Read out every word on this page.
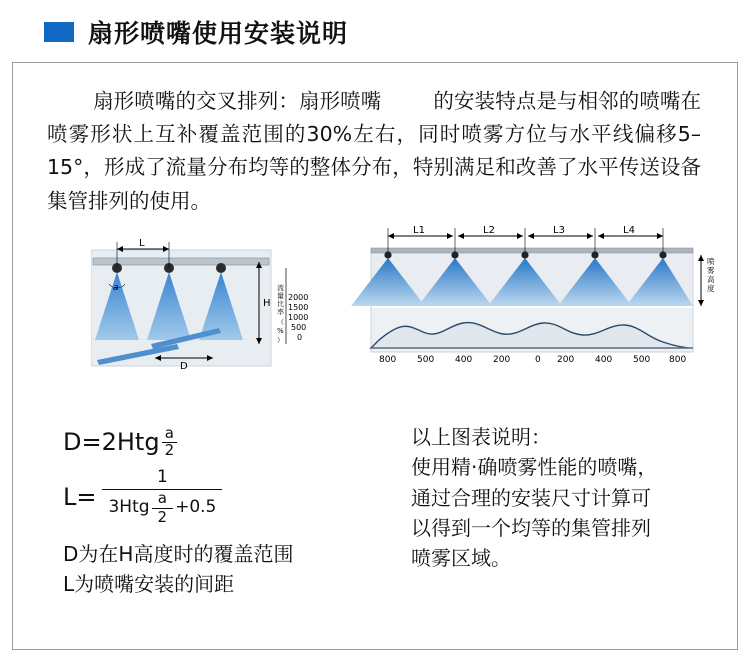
扇形喷嘴使用安装说明
扇形喷嘴的交叉排列：扇形喷嘴	的安装特点是与相邻的喷嘴在喷雾形状上互补覆盖范围的30%左右，同时喷雾方位与水平线偏移5–15°，形成了流量分布均等的整体分布，特别满足和改善了水平传送设备集管排列的使用。
L
a
D
H
流
量
比
率
（
%
）
2000
1500
1000
500
0
L1	L2	L3	L4
喷
雾
高
度
800 500 400 200	0 200 400 500 800
$D=2Htg \frac{a}{2}$
L=
1
$3Htg \frac{a}{2} +0.5$
D为在H高度时的覆盖范围
L为喷嘴安装的间距
以上图表说明：
使用精·确喷雾性能的喷嘴，
通过合理的安装尺寸计算可
以得到一个均等的集管排列
喷雾区域。
